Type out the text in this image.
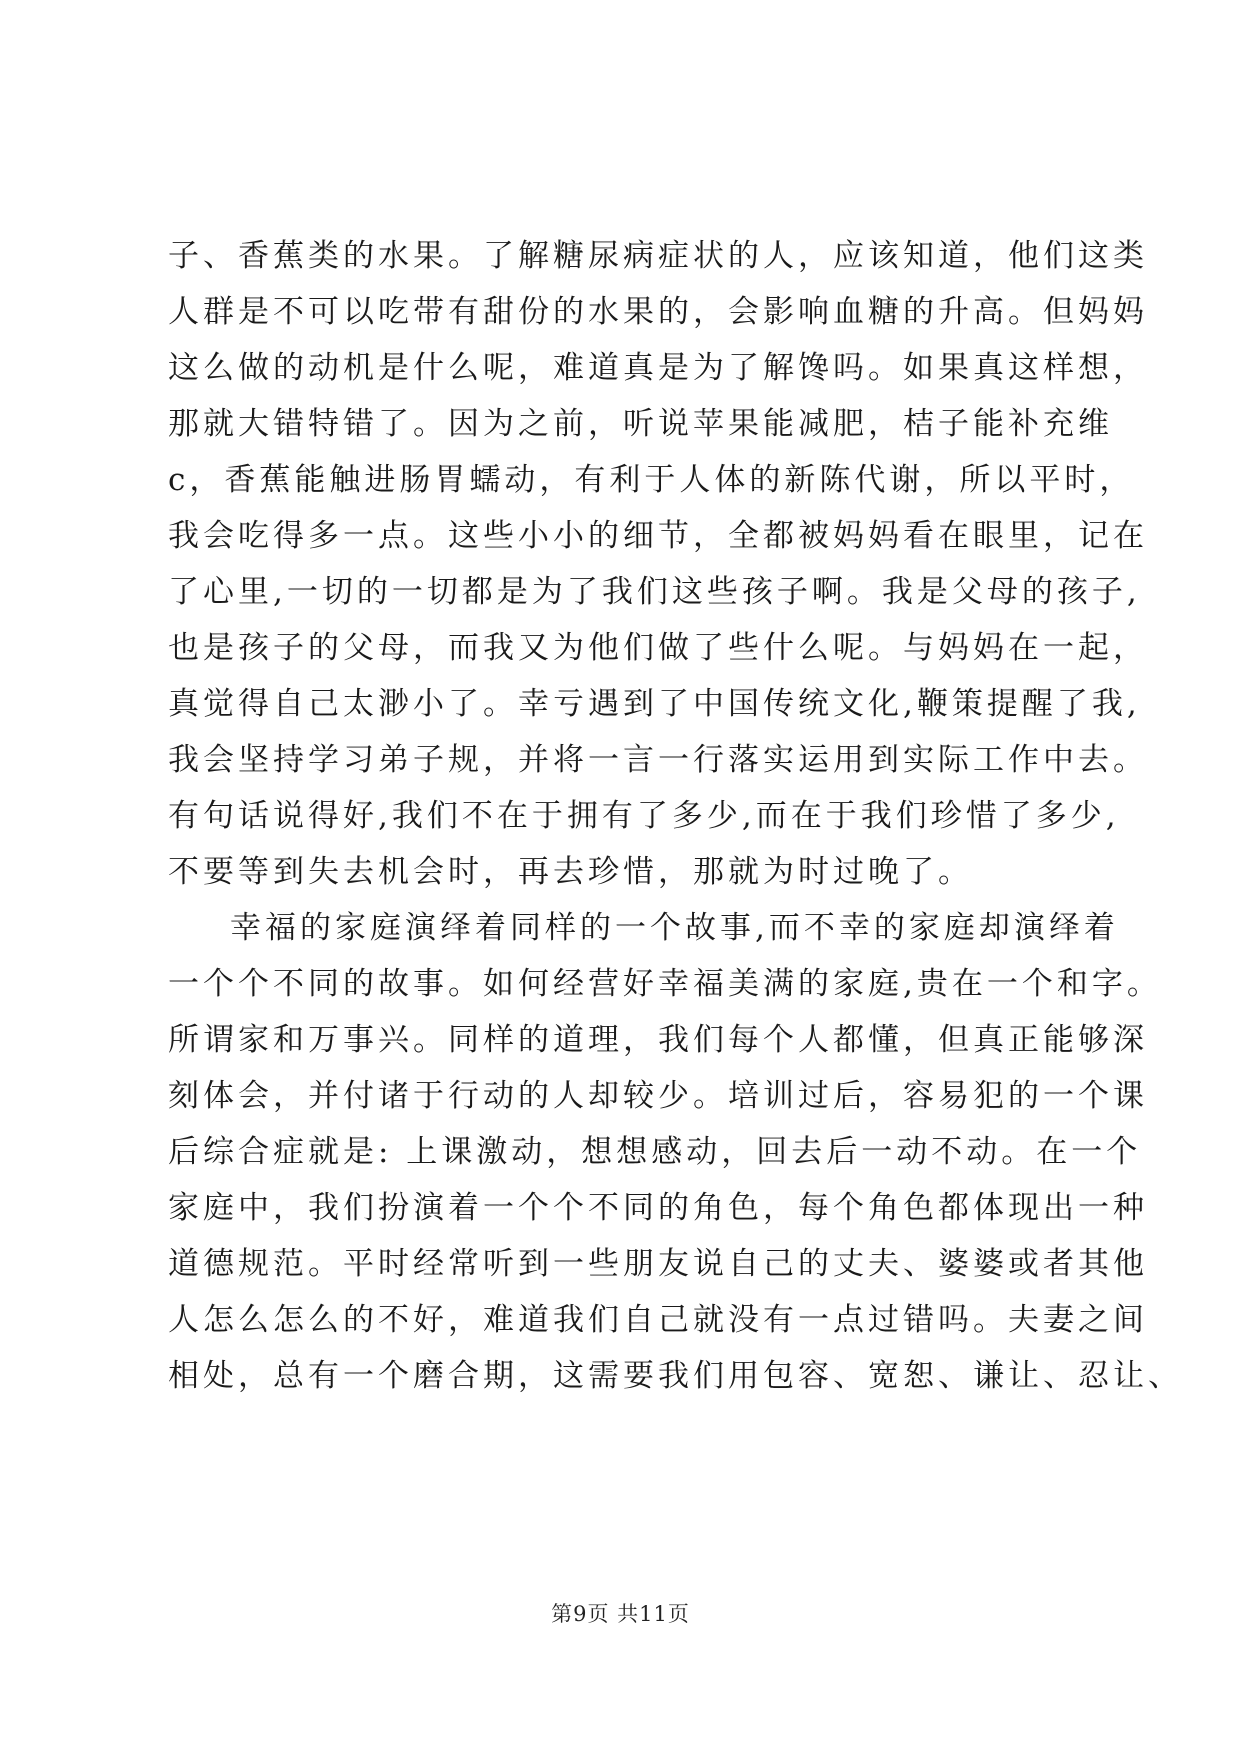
子、香蕉类的水果。了解糖尿病症状的人，应该知道，他们这类
人群是不可以吃带有甜份的水果的，会影响血糖的升高。但妈妈
这么做的动机是什么呢，难道真是为了解馋吗。如果真这样想，
那就大错特错了。因为之前，听说苹果能减肥，桔子能补充维
c，香蕉能触进肠胃蠕动，有利于人体的新陈代谢，所以平时，
我会吃得多一点。这些小小的细节，全都被妈妈看在眼里，记在
了心里,一切的一切都是为了我们这些孩子啊。我是父母的孩子,
也是孩子的父母，而我又为他们做了些什么呢。与妈妈在一起，
真觉得自己太渺小了。幸亏遇到了中国传统文化,鞭策提醒了我,
我会坚持学习弟子规，并将一言一行落实运用到实际工作中去。
有句话说得好,我们不在于拥有了多少,而在于我们珍惜了多少,
不要等到失去机会时，再去珍惜，那就为时过晚了。
幸福的家庭演绎着同样的一个故事,而不幸的家庭却演绎着
一个个不同的故事。如何经营好幸福美满的家庭,贵在一个和字。
所谓家和万事兴。同样的道理，我们每个人都懂，但真正能够深
刻体会，并付诸于行动的人却较少。培训过后，容易犯的一个课
后综合症就是: 上课激动，想想感动，回去后一动不动。在一个
家庭中，我们扮演着一个个不同的角色，每个角色都体现出一种
道德规范。平时经常听到一些朋友说自己的丈夫、婆婆或者其他
人怎么怎么的不好，难道我们自己就没有一点过错吗。夫妻之间
相处，总有一个磨合期，这需要我们用包容、宽恕、谦让、忍让、
第9页 共11页
